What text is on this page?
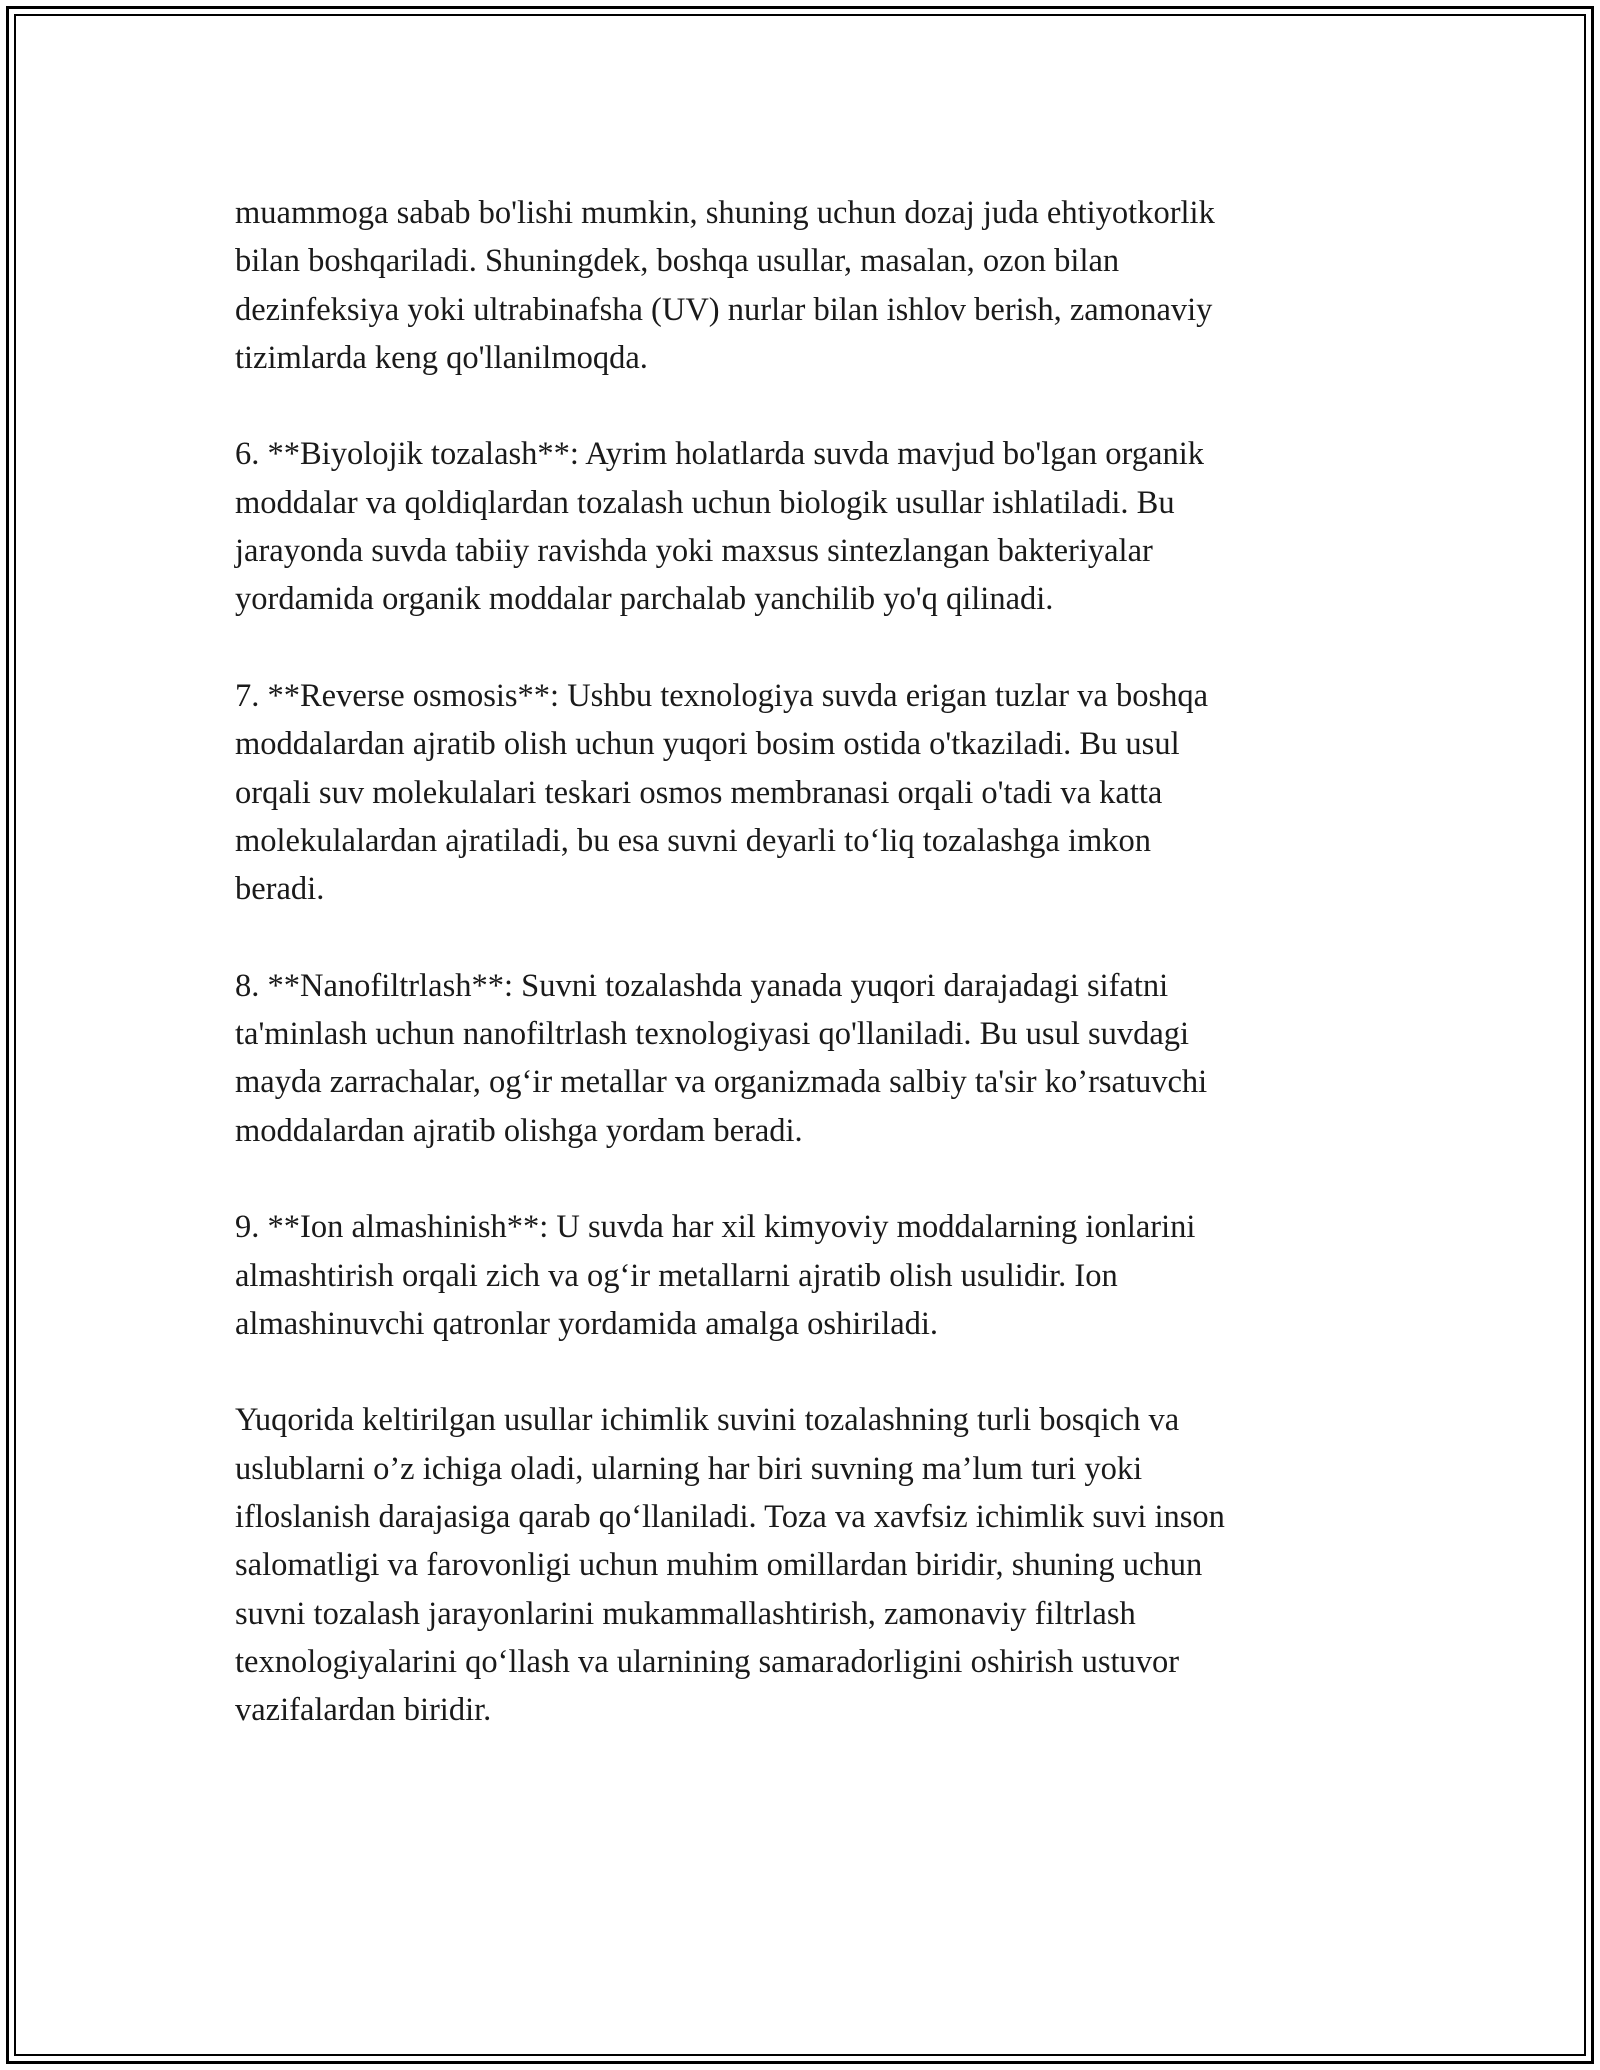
muammoga sabab bo'lishi mumkin, shuning uchun dozaj juda ehtiyotkorlik
bilan boshqariladi. Shuningdek, boshqa usullar, masalan, ozon bilan
dezinfeksiya yoki ultrabinafsha (UV) nurlar bilan ishlov berish, zamonaviy
tizimlarda keng qo'llanilmoqda.

6. **Biyolojik tozalash**: Ayrim holatlarda suvda mavjud bo'lgan organik
moddalar va qoldiqlardan tozalash uchun biologik usullar ishlatiladi. Bu
jarayonda suvda tabiiy ravishda yoki maxsus sintezlangan bakteriyalar
yordamida organik moddalar parchalab yanchilib yo'q qilinadi.

7. **Reverse osmosis**: Ushbu texnologiya suvda erigan tuzlar va boshqa
moddalardan ajratib olish uchun yuqori bosim ostida o'tkaziladi. Bu usul
orqali suv molekulalari teskari osmos membranasi orqali o'tadi va katta
molekulalardan ajratiladi, bu esa suvni deyarli to‘liq tozalashga imkon
beradi.

8. **Nanofiltrlash**: Suvni tozalashda yanada yuqori darajadagi sifatni
ta'minlash uchun nanofiltrlash texnologiyasi qo'llaniladi. Bu usul suvdagi
mayda zarrachalar, og‘ir metallar va organizmada salbiy ta'sir ko’rsatuvchi
moddalardan ajratib olishga yordam beradi.

9. **Ion almashinish**: U suvda har xil kimyoviy moddalarning ionlarini
almashtirish orqali zich va og‘ir metallarni ajratib olish usulidir. Ion
almashinuvchi qatronlar yordamida amalga oshiriladi.

Yuqorida keltirilgan usullar ichimlik suvini tozalashning turli bosqich va
uslublarni o’z ichiga oladi, ularning har biri suvning ma’lum turi yoki
ifloslanish darajasiga qarab qo‘llaniladi. Toza va xavfsiz ichimlik suvi inson
salomatligi va farovonligi uchun muhim omillardan biridir, shuning uchun
suvni tozalash jarayonlarini mukammallashtirish, zamonaviy filtrlash
texnologiyalarini qo‘llash va ularnining samaradorligini oshirish ustuvor
vazifalardan biridir.
